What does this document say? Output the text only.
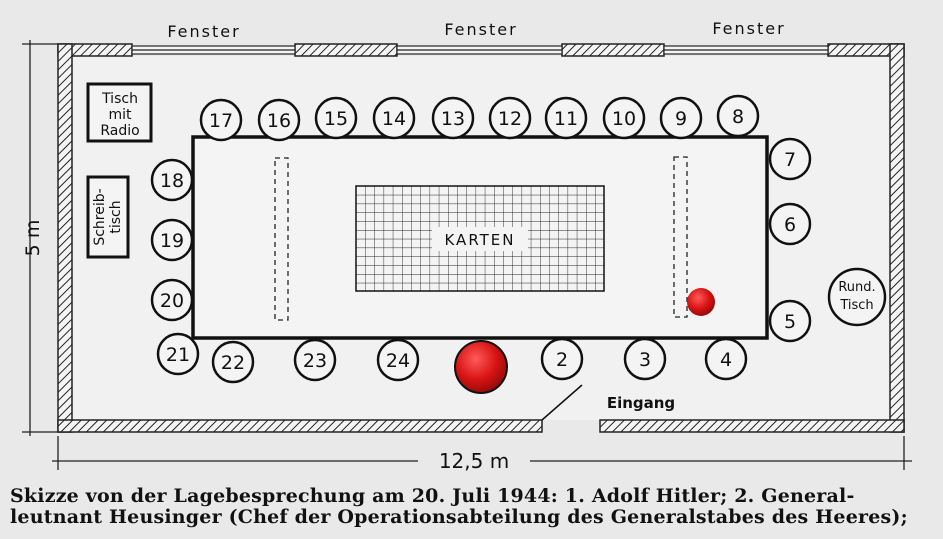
Fenster	Fenster	Fenster
5 m
12,5 m
Tisch
mit
Radio
Schreib- tisch
Rund.
Tisch
KARTEN
Eingang
2	3	4
5
6
7
8
9
10
11
12
13
14
15
16
17
18
19
20
21 22	23	24
Skizze von der Lagebesprechung am 20. Juli 1944: 1. Adolf Hitler; 2. General-
leutnant Heusinger (Chef der Operationsabteilung des Generalstabes des Heeres);
